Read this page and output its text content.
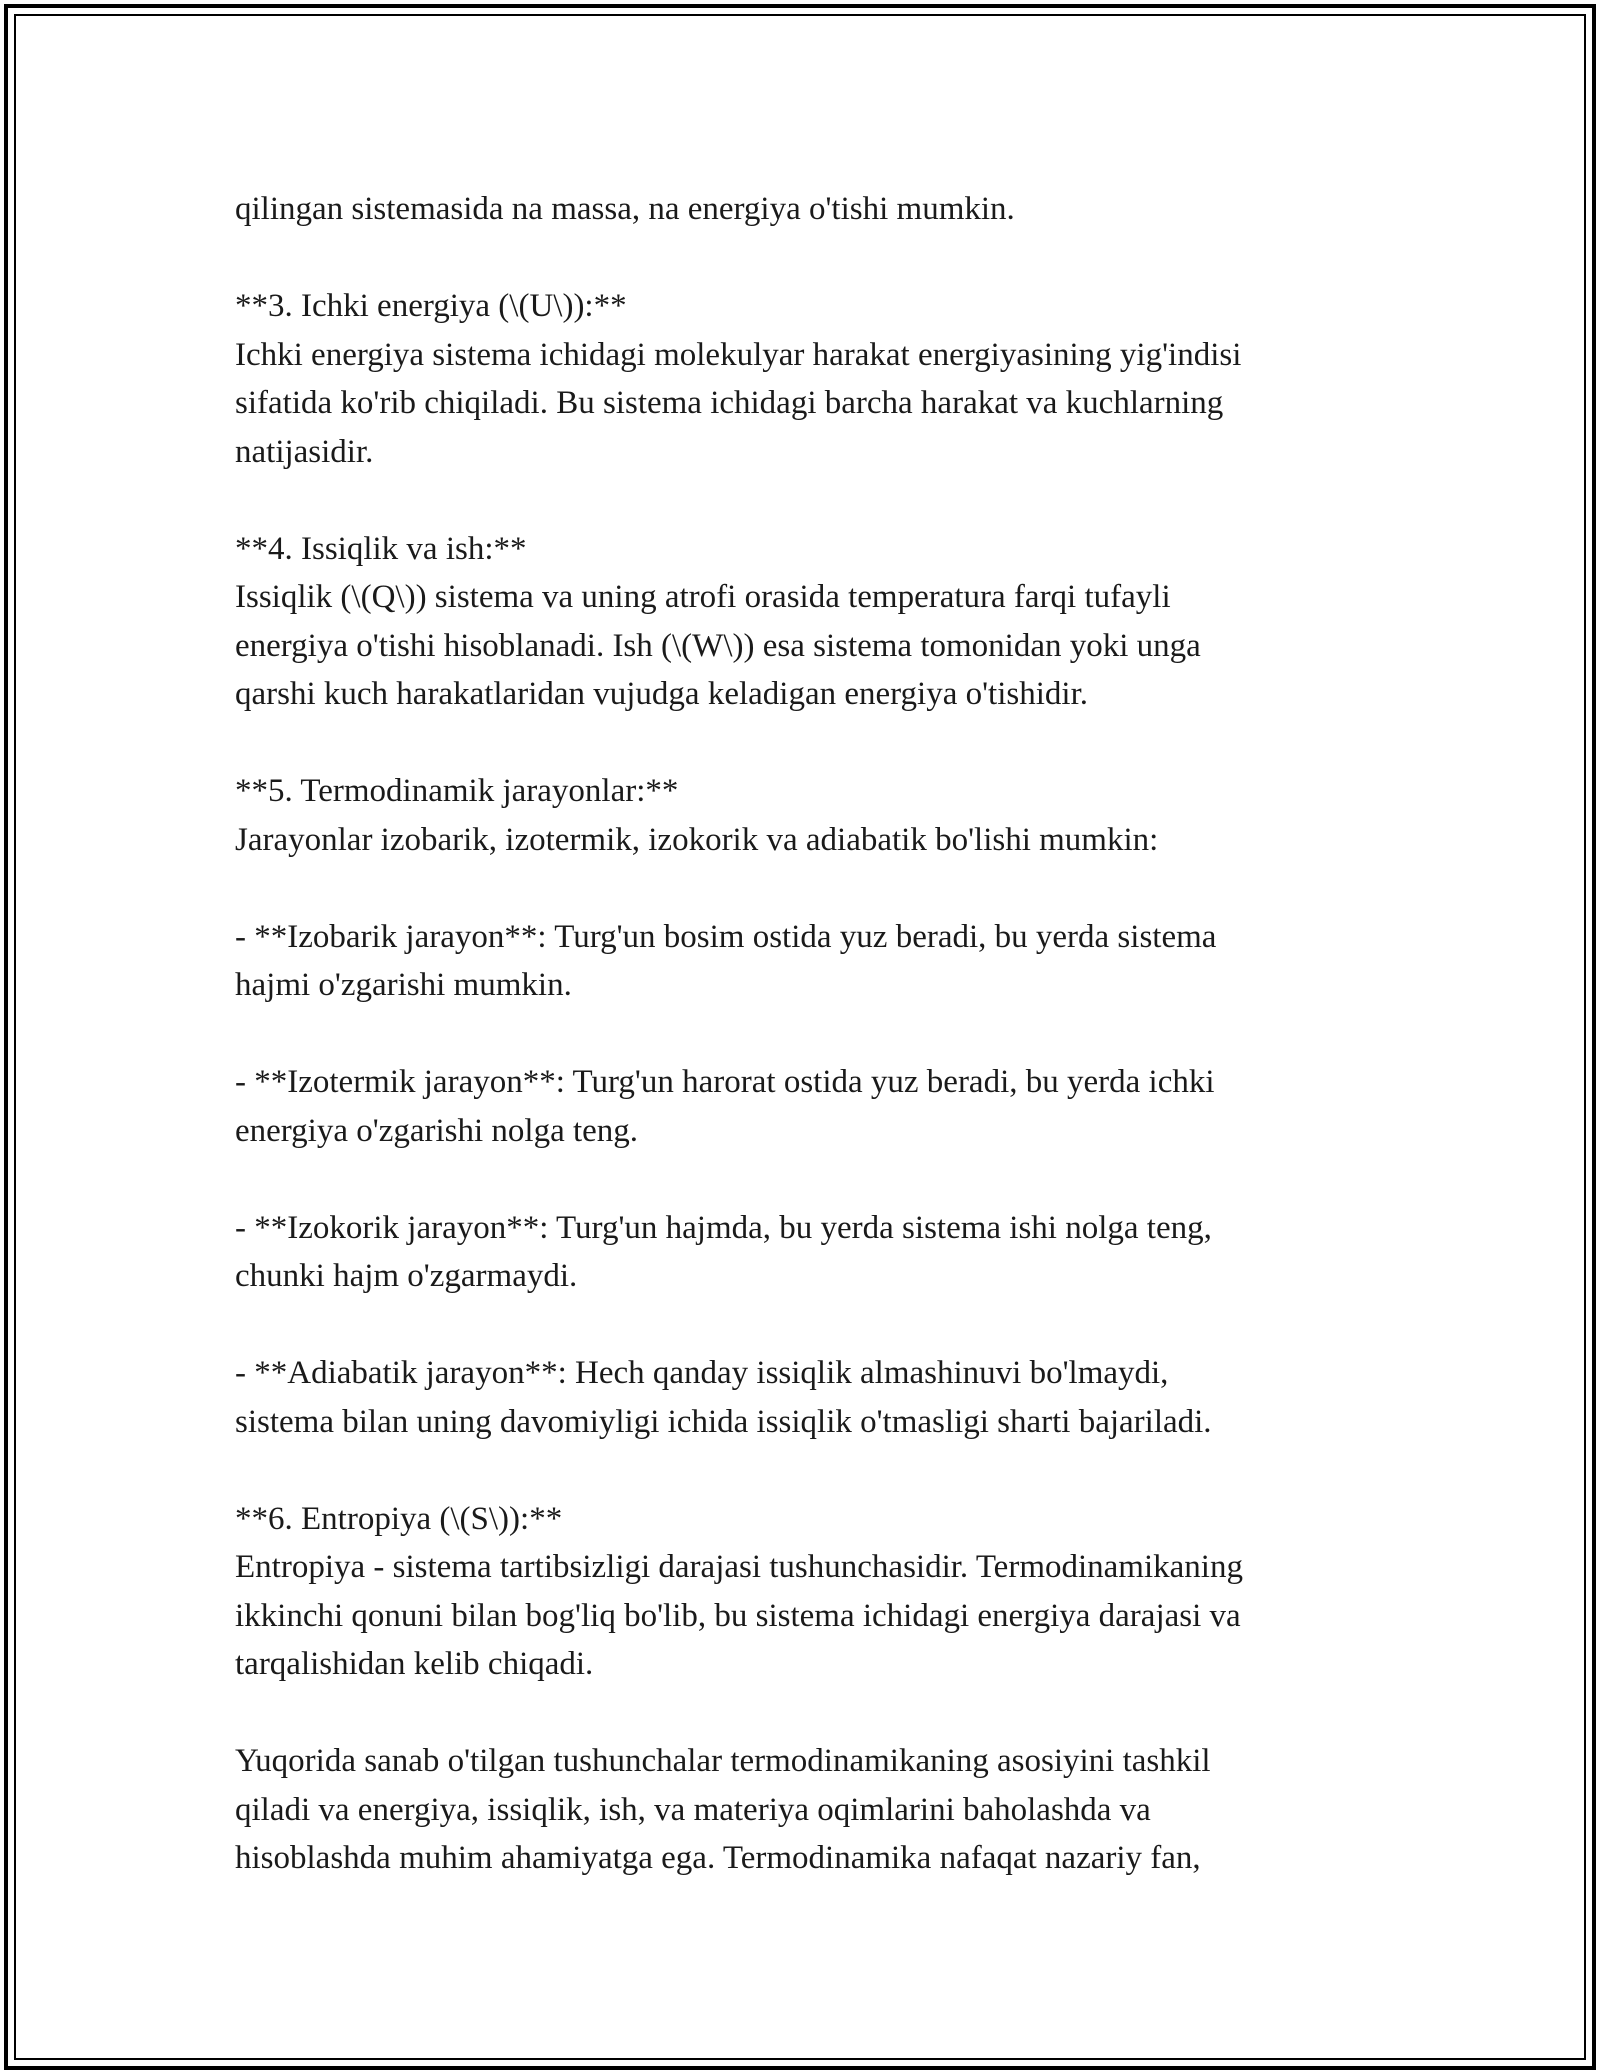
qilingan sistemasida na massa, na energiya o'tishi mumkin.
**3. Ichki energiya (\(U\)):**
Ichki energiya sistema ichidagi molekulyar harakat energiyasining yig'indisi
sifatida ko'rib chiqiladi. Bu sistema ichidagi barcha harakat va kuchlarning
natijasidir.
**4. Issiqlik va ish:**
Issiqlik (\(Q\)) sistema va uning atrofi orasida temperatura farqi tufayli
energiya o'tishi hisoblanadi. Ish (\(W\)) esa sistema tomonidan yoki unga
qarshi kuch harakatlaridan vujudga keladigan energiya o'tishidir.
**5. Termodinamik jarayonlar:**
Jarayonlar izobarik, izotermik, izokorik va adiabatik bo'lishi mumkin:
- **Izobarik jarayon**: Turg'un bosim ostida yuz beradi, bu yerda sistema
hajmi o'zgarishi mumkin.
- **Izotermik jarayon**: Turg'un harorat ostida yuz beradi, bu yerda ichki
energiya o'zgarishi nolga teng.
- **Izokorik jarayon**: Turg'un hajmda, bu yerda sistema ishi nolga teng,
chunki hajm o'zgarmaydi.
- **Adiabatik jarayon**: Hech qanday issiqlik almashinuvi bo'lmaydi,
sistema bilan uning davomiyligi ichida issiqlik o'tmasligi sharti bajariladi.
**6. Entropiya (\(S\)):**
Entropiya - sistema tartibsizligi darajasi tushunchasidir. Termodinamikaning
ikkinchi qonuni bilan bog'liq bo'lib, bu sistema ichidagi energiya darajasi va
tarqalishidan kelib chiqadi.
Yuqorida sanab o'tilgan tushunchalar termodinamikaning asosiyini tashkil
qiladi va energiya, issiqlik, ish, va materiya oqimlarini baholashda va
hisoblashda muhim ahamiyatga ega. Termodinamika nafaqat nazariy fan,
